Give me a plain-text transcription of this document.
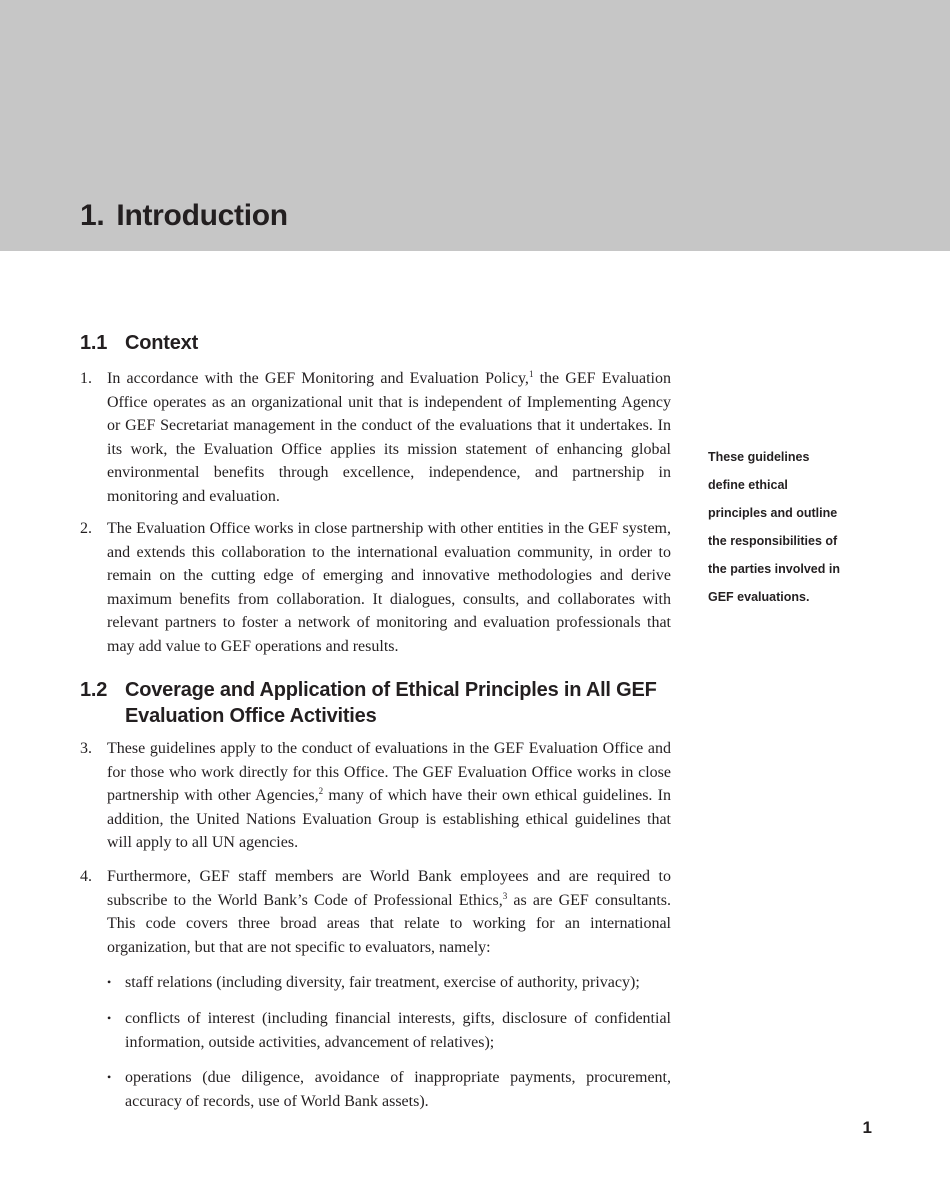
1. Introduction
1.1 Context
1. In accordance with the GEF Monitoring and Evaluation Policy,$^1$ the GEF Evaluation Office operates as an organizational unit that is independent of Implementing Agency or GEF Secretariat management in the conduct of the evaluations that it undertakes. In its work, the Evaluation Office applies its mission statement of enhancing global environmental benefits through excellence, independence, and partnership in monitoring and evaluation.
2. The Evaluation Office works in close partnership with other entities in the GEF system, and extends this collaboration to the international evaluation community, in order to remain on the cutting edge of emerging and innovative methodologies and derive maximum benefits from collaboration. It dialogues, consults, and collaborates with relevant partners to foster a network of monitoring and evaluation professionals that may add value to GEF operations and results.
1.2 Coverage and Application of Ethical Principles in All GEF Evaluation Office Activities
3. These guidelines apply to the conduct of evaluations in the GEF Evaluation Office and for those who work directly for this Office. The GEF Evaluation Office works in close partnership with other Agencies,$^2$ many of which have their own ethical guidelines. In addition, the United Nations Evaluation Group is establishing ethical guidelines that will apply to all UN agencies.
4. Furthermore, GEF staff members are World Bank employees and are required to subscribe to the World Bank’s Code of Professional Ethics,$^3$ as are GEF consultants. This code covers three broad areas that relate to working for an international organization, but that are not specific to evaluators, namely:
• staff relations (including diversity, fair treatment, exercise of authority, privacy);
• conflicts of interest (including financial interests, gifts, disclosure of confidential information, outside activities, advancement of relatives);
• operations (due diligence, avoidance of inappropriate payments, procurement, accuracy of records, use of World Bank assets).
These guidelines define ethical principles and outline the responsibilities of the parties involved in GEF evaluations.
1
